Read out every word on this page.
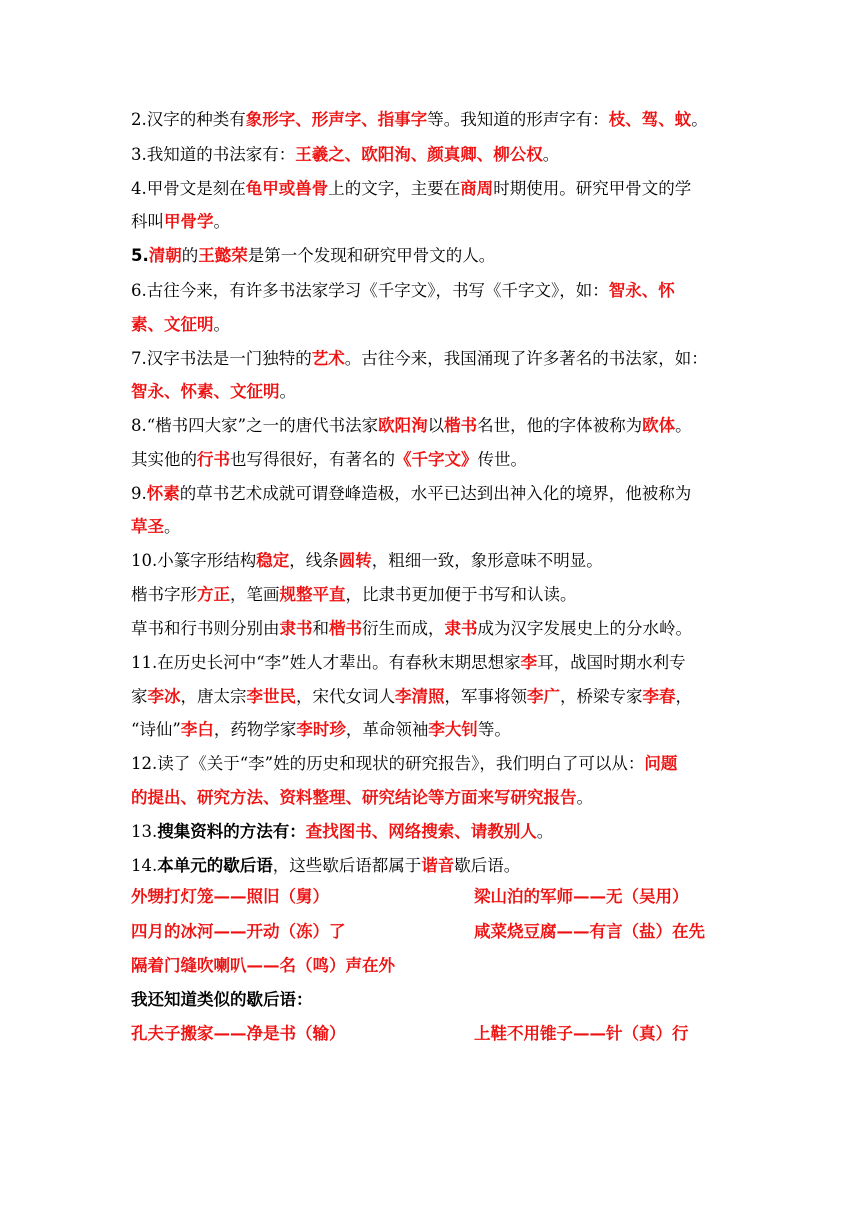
2.汉字的种类有象形字、形声字、指事字等。我知道的形声字有：枝、驾、蚊。
3.我知道的书法家有：王羲之、欧阳洵、颜真卿、柳公权。
4.甲骨文是刻在龟甲或兽骨上的文字，主要在商周时期使用。研究甲骨文的学
科叫甲骨学。
5.清朝的王懿荣是第一个发现和研究甲骨文的人。
6.古往今来，有许多书法家学习《千字文》，书写《千字文》，如：智永、怀
素、文征明。
7.汉字书法是一门独特的艺术。古往今来，我国涌现了许多著名的书法家，如：
智永、怀素、文征明。
8.“楷书四大家”之一的唐代书法家欧阳洵以楷书名世，他的字体被称为欧体。
其实他的行书也写得很好，有著名的《千字文》传世。
9.怀素的草书艺术成就可谓登峰造极，水平已达到出神入化的境界，他被称为
草圣。
10.小篆字形结构稳定，线条圆转，粗细一致，象形意味不明显。
楷书字形方正，笔画规整平直，比隶书更加便于书写和认读。
草书和行书则分别由隶书和楷书衍生而成，隶书成为汉字发展史上的分水岭。
11.在历史长河中“李”姓人才辈出。有春秋末期思想家李耳，战国时期水利专
家李冰，唐太宗李世民，宋代女词人李清照，军事将领李广，桥梁专家李春，
“诗仙”李白，药物学家李时珍，革命领袖李大钊等。
12.读了《关于“李”姓的历史和现状的研究报告》，我们明白了可以从：问题
的提出、研究方法、资料整理、研究结论等方面来写研究报告。
13.搜集资料的方法有：查找图书、网络搜索、请教别人。
14.本单元的歇后语，这些歇后语都属于谐音歇后语。
外甥打灯笼——照旧（舅）	梁山泊的军师——无（吴用）
四月的冰河——开动（冻）了	咸菜烧豆腐——有言（盐）在先
隔着门缝吹喇叭——名（鸣）声在外
我还知道类似的歇后语：
孔夫子搬家——净是书（输）	上鞋不用锥子——针（真）行
